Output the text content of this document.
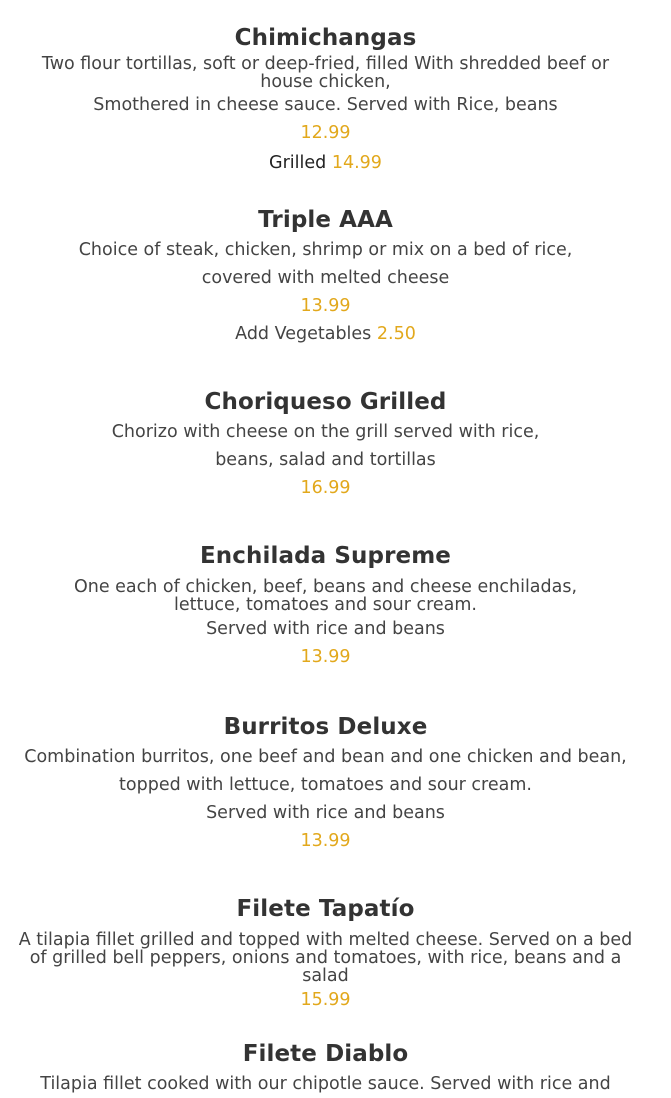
Chimichangas

Two flour tortillas, soft or deep-fried, filled With shredded beef or house chicken,

Smothered in cheese sauce. Served with Rice, beans

12.99

Grilled 14.99

Triple AAA

Choice of steak, chicken, shrimp or mix on a bed of rice,

covered with melted cheese

13.99

Add Vegetables 2.50

Choriqueso Grilled

Chorizo with cheese on the grill served with rice,

beans, salad and tortillas

16.99

Enchilada Supreme

One each of chicken, beef, beans and cheese enchiladas, lettuce, tomatoes and sour cream.

Served with rice and beans

13.99

Burritos Deluxe

Combination burritos, one beef and bean and one chicken and bean,

topped with lettuce, tomatoes and sour cream.

Served with rice and beans

13.99

Filete Tapatío

A tilapia fillet grilled and topped with melted cheese. Served on a bed of grilled bell peppers, onions and tomatoes, with rice, beans and a salad

15.99

Filete Diablo

Tilapia fillet cooked with our chipotle sauce. Served with rice and
